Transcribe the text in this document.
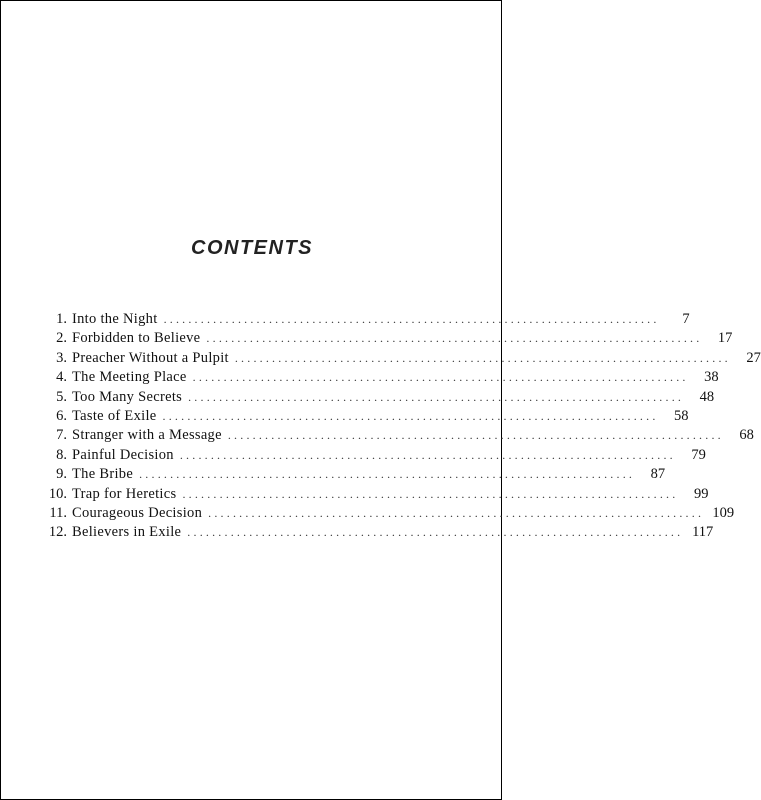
CONTENTS
1. Into the Night ................................................................................	7
2. Forbidden to Believe ................................................................................	17
3. Preacher Without a Pulpit ................................................................................	27
4. The Meeting Place ................................................................................	38
5. Too Many Secrets ................................................................................	48
6. Taste of Exile ................................................................................	58
7. Stranger with a Message ................................................................................	68
8. Painful Decision ................................................................................	79
9. The Bribe ................................................................................	87
10. Trap for Heretics ................................................................................	99
11. Courageous Decision ................................................................................ 109
12. Believers in Exile ................................................................................ 117
